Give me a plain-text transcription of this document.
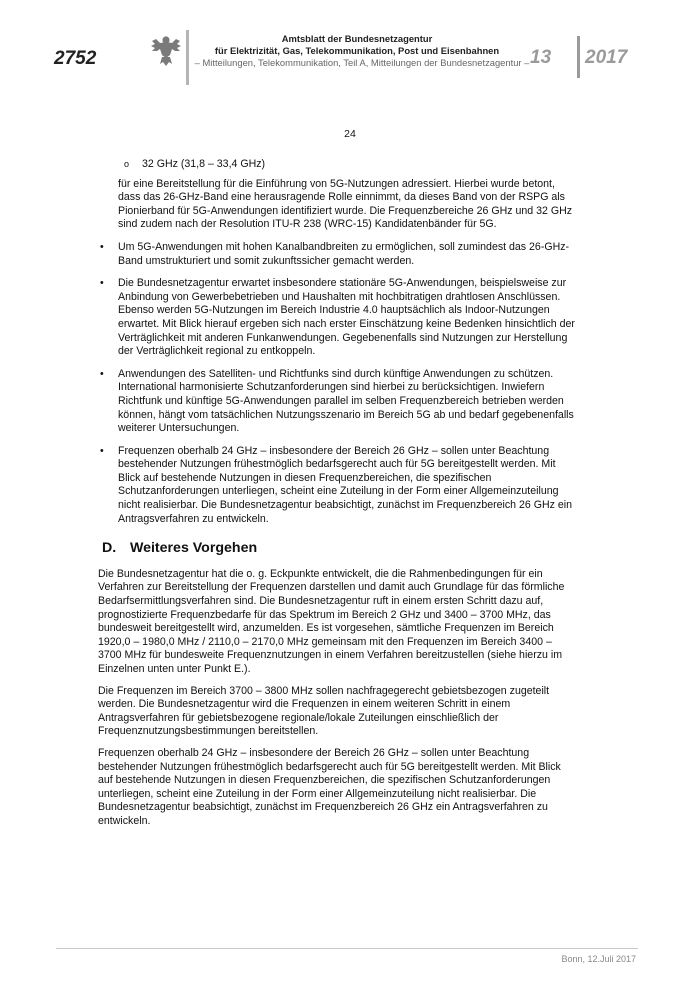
2752
Amtsblatt der Bundesnetzagentur
für Elektrizität, Gas, Telekommunikation, Post und Eisenbahnen
– Mitteilungen, Telekommunikation, Teil A, Mitteilungen der Bundesnetzagentur – 13 2017
24

o 32 GHz (31,8 – 33,4 GHz)

für eine Bereitstellung für die Einführung von 5G-Nutzungen adressiert. Hierbei wurde betont, dass das 26-GHz-Band eine herausragende Rolle einnimmt, da dieses Band von der RSPG als Pionierband für 5G-Anwendungen identifiziert wurde. Die Frequenzbereiche 26 GHz und 32 GHz sind zudem nach der Resolution ITU-R 238 (WRC-15) Kandidatenbänder für 5G.

• Um 5G-Anwendungen mit hohen Kanalbandbreiten zu ermöglichen, soll zumindest das 26-GHz-Band umstrukturiert und somit zukunftssicher gemacht werden.

• Die Bundesnetzagentur erwartet insbesondere stationäre 5G-Anwendungen, beispielsweise zur Anbindung von Gewerbebetrieben und Haushalten mit hochbitratigen drahtlosen Anschlüssen. Ebenso werden 5G-Nutzungen im Bereich Industrie 4.0 hauptsächlich als Indoor-Nutzungen erwartet. Mit Blick hierauf ergeben sich nach erster Einschätzung keine Bedenken hinsichtlich der Verträglichkeit mit anderen Funkanwendungen. Gegebenenfalls sind Nutzungen zur Herstellung der Verträglichkeit regional zu entkoppeln.

• Anwendungen des Satelliten- und Richtfunks sind durch künftige Anwendungen zu schützen. International harmonisierte Schutzanforderungen sind hierbei zu berücksichtigen. Inwiefern Richtfunk und künftige 5G-Anwendungen parallel im selben Frequenzbereich betrieben werden können, hängt vom tatsächlichen Nutzungsszenario im Bereich 5G ab und bedarf gegebenenfalls weiterer Untersuchungen.

• Frequenzen oberhalb 24 GHz – insbesondere der Bereich 26 GHz – sollen unter Beachtung bestehender Nutzungen frühestmöglich bedarfsgerecht auch für 5G bereitgestellt werden. Mit Blick auf bestehende Nutzungen in diesen Frequenzbereichen, die spezifischen Schutzanforderungen unterliegen, scheint eine Zuteilung in der Form einer Allgemeinzuteilung nicht realisierbar. Die Bundesnetzagentur beabsichtigt, zunächst im Frequenzbereich 26 GHz ein Antragsverfahren zu entwickeln.

D. Weiteres Vorgehen

Die Bundesnetzagentur hat die o. g. Eckpunkte entwickelt, die die Rahmenbedingungen für ein Verfahren zur Bereitstellung der Frequenzen darstellen und damit auch Grundlage für das förmliche Bedarfsermittlungsverfahren sind. Die Bundesnetzagentur ruft in einem ersten Schritt dazu auf, prognostizierte Frequenzbedarfe für das Spektrum im Bereich 2 GHz und 3400 – 3700 MHz, das bundesweit bereitgestellt wird, anzumelden. Es ist vorgesehen, sämtliche Frequenzen im Bereich 1920,0 – 1980,0 MHz / 2110,0 – 2170,0 MHz gemeinsam mit den Frequenzen im Bereich 3400 – 3700 MHz für bundesweite Frequenznutzungen in einem Verfahren bereitzustellen (siehe hierzu im Einzelnen unten unter Punkt E.).

Die Frequenzen im Bereich 3700 – 3800 MHz sollen nachfragegerecht gebietsbezogen zugeteilt werden. Die Bundesnetzagentur wird die Frequenzen in einem weiteren Schritt in einem Antragsverfahren für gebietsbezogene regionale/lokale Zuteilungen einschließlich der Frequenznutzungsbestimmungen bereitstellen.

Frequenzen oberhalb 24 GHz – insbesondere der Bereich 26 GHz – sollen unter Beachtung bestehender Nutzungen frühestmöglich bedarfsgerecht auch für 5G bereitgestellt werden. Mit Blick auf bestehende Nutzungen in diesen Frequenzbereichen, die spezifischen Schutzanforderungen unterliegen, scheint eine Zuteilung in der Form einer Allgemeinzuteilung nicht realisierbar. Die Bundesnetzagentur beabsichtigt, zunächst im Frequenzbereich 26 GHz ein Antragsverfahren zu entwickeln.

Bonn, 12.Juli 2017
